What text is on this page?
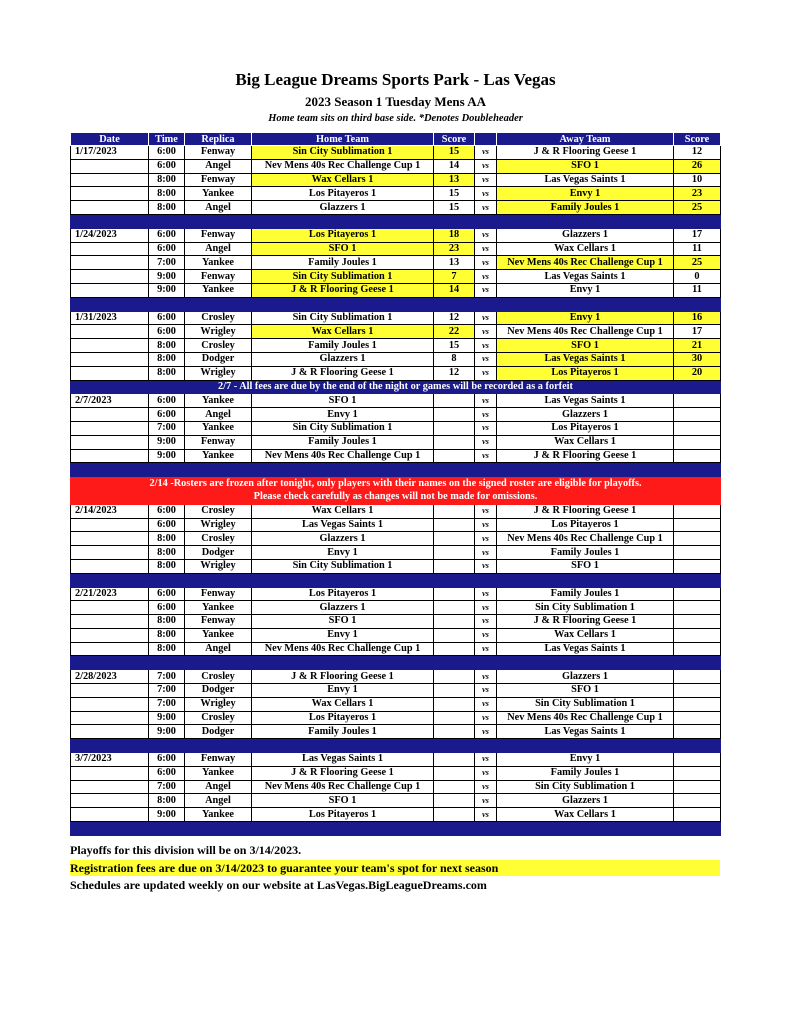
Big League Dreams Sports Park - Las Vegas
2023 Season 1 Tuesday Mens AA
Home team sits on third base side. *Denotes Doubleheader
Date	Time	Replica	Home Team	Score		Away Team	Score
1/17/2023	6:00	Fenway	Sin City Sublimation 1	15	vs	J & R Flooring Geese 1	12
	6:00	Angel	Nev Mens 40s Rec Challenge Cup 1	14	vs	SFO 1	26
	8:00	Fenway	Wax Cellars 1	13	vs	Las Vegas Saints 1	10
	8:00	Yankee	Los Pitayeros 1	15	vs	Envy 1	23
	8:00	Angel	Glazzers 1	15	vs	Family Joules 1	25

1/24/2023	6:00	Fenway	Los Pitayeros 1	18	vs	Glazzers 1	17
	6:00	Angel	SFO 1	23	vs	Wax Cellars 1	11
	7:00	Yankee	Family Joules 1	13	vs	Nev Mens 40s Rec Challenge Cup 1	25
	9:00	Fenway	Sin City Sublimation 1	7	vs	Las Vegas Saints 1	0
	9:00	Yankee	J & R Flooring Geese 1	14	vs	Envy 1	11

1/31/2023	6:00	Crosley	Sin City Sublimation 1	12	vs	Envy 1	16
	6:00	Wrigley	Wax Cellars 1	22	vs	Nev Mens 40s Rec Challenge Cup 1	17
	8:00	Crosley	Family Joules 1	15	vs	SFO 1	21
	8:00	Dodger	Glazzers 1	8	vs	Las Vegas Saints 1	30
	8:00	Wrigley	J & R Flooring Geese 1	12	vs	Los Pitayeros 1	20
2/7 - All fees are due by the end of the night or games will be recorded as a forfeit							
2/7/2023	6:00	Yankee	SFO 1		vs	Las Vegas Saints 1	
	6:00	Angel	Envy 1		vs	Glazzers 1	
	7:00	Yankee	Sin City Sublimation 1		vs	Los Pitayeros 1	
	9:00	Fenway	Family Joules 1		vs	Wax Cellars 1	
	9:00	Yankee	Nev Mens 40s Rec Challenge Cup 1		vs	J & R Flooring Geese 1	

2/14 -Rosters are frozen after tonight, only players with their names on the signed roster are eligible for playoffs.							
Please check carefully as changes will not be made for omissions.							
2/14/2023	6:00	Crosley	Wax Cellars 1		vs	J & R Flooring Geese 1	
	6:00	Wrigley	Las Vegas Saints 1		vs	Los Pitayeros 1	
	8:00	Crosley	Glazzers 1		vs	Nev Mens 40s Rec Challenge Cup 1	
	8:00	Dodger	Envy 1		vs	Family Joules 1	
	8:00	Wrigley	Sin City Sublimation 1		vs	SFO 1	

2/21/2023	6:00	Fenway	Los Pitayeros 1		vs	Family Joules 1	
	6:00	Yankee	Glazzers 1		vs	Sin City Sublimation 1	
	8:00	Fenway	SFO 1		vs	J & R Flooring Geese 1	
	8:00	Yankee	Envy 1		vs	Wax Cellars 1	
	8:00	Angel	Nev Mens 40s Rec Challenge Cup 1		vs	Las Vegas Saints 1	

2/28/2023	7:00	Crosley	J & R Flooring Geese 1		vs	Glazzers 1	
	7:00	Dodger	Envy 1		vs	SFO 1	
	7:00	Wrigley	Wax Cellars 1		vs	Sin City Sublimation 1	
	9:00	Crosley	Los Pitayeros 1		vs	Nev Mens 40s Rec Challenge Cup 1	
	9:00	Dodger	Family Joules 1		vs	Las Vegas Saints 1	

3/7/2023	6:00	Fenway	Las Vegas Saints 1		vs	Envy 1	
	6:00	Yankee	J & R Flooring Geese 1		vs	Family Joules 1	
	7:00	Angel	Nev Mens 40s Rec Challenge Cup 1		vs	Sin City Sublimation 1	
	8:00	Angel	SFO 1		vs	Glazzers 1	
	9:00	Yankee	Los Pitayeros 1		vs	Wax Cellars 1	

Playoffs for this division will be on 3/14/2023.
Registration fees are due on 3/14/2023 to guarantee your team's spot for next season
Schedules are updated weekly on our website at LasVegas.BigLeagueDreams.com
